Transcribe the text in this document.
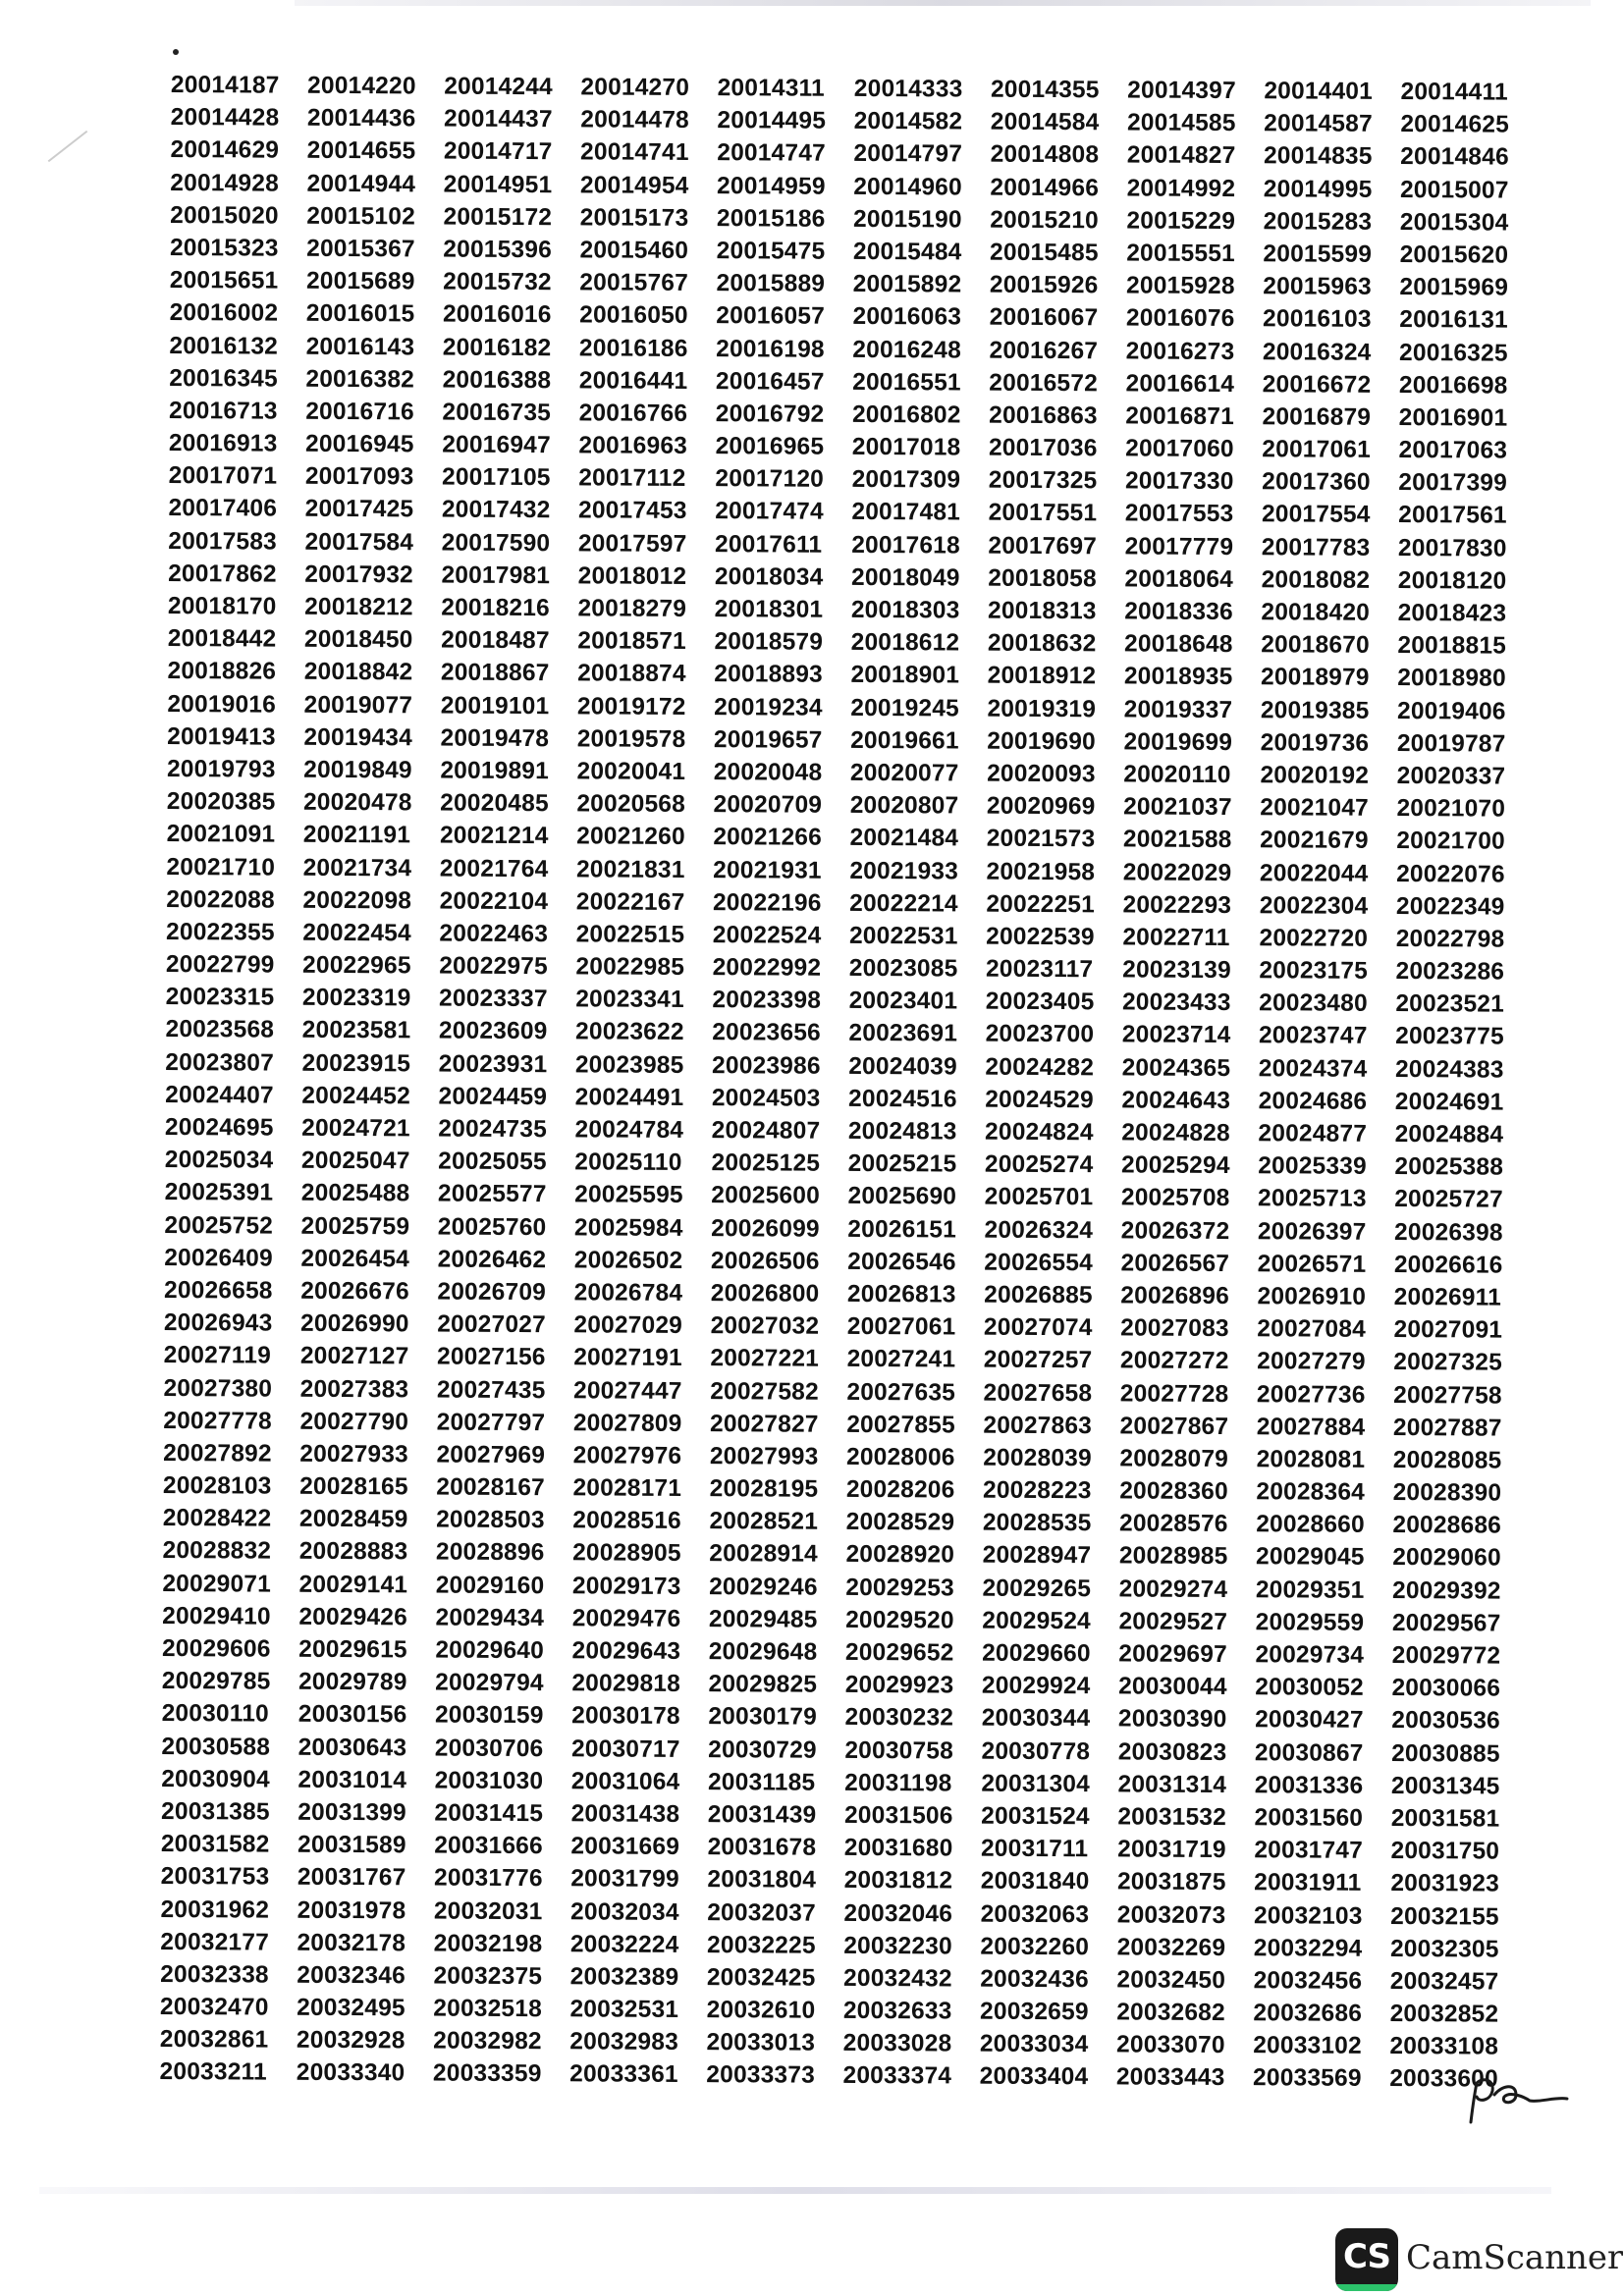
20014187	20014220	20014244	20014270	20014311	20014333	20014355	20014397	20014401	20014411
20014428	20014436	20014437	20014478	20014495	20014582	20014584	20014585	20014587	20014625
20014629	20014655	20014717	20014741	20014747	20014797	20014808	20014827	20014835	20014846
20014928	20014944	20014951	20014954	20014959	20014960	20014966	20014992	20014995	20015007
20015020	20015102	20015172	20015173	20015186	20015190	20015210	20015229	20015283	20015304
20015323	20015367	20015396	20015460	20015475	20015484	20015485	20015551	20015599	20015620
20015651	20015689	20015732	20015767	20015889	20015892	20015926	20015928	20015963	20015969
20016002	20016015	20016016	20016050	20016057	20016063	20016067	20016076	20016103	20016131
20016132	20016143	20016182	20016186	20016198	20016248	20016267	20016273	20016324	20016325
20016345	20016382	20016388	20016441	20016457	20016551	20016572	20016614	20016672	20016698
20016713	20016716	20016735	20016766	20016792	20016802	20016863	20016871	20016879	20016901
20016913	20016945	20016947	20016963	20016965	20017018	20017036	20017060	20017061	20017063
20017071	20017093	20017105	20017112	20017120	20017309	20017325	20017330	20017360	20017399
20017406	20017425	20017432	20017453	20017474	20017481	20017551	20017553	20017554	20017561
20017583	20017584	20017590	20017597	20017611	20017618	20017697	20017779	20017783	20017830
20017862	20017932	20017981	20018012	20018034	20018049	20018058	20018064	20018082	20018120
20018170	20018212	20018216	20018279	20018301	20018303	20018313	20018336	20018420	20018423
20018442	20018450	20018487	20018571	20018579	20018612	20018632	20018648	20018670	20018815
20018826	20018842	20018867	20018874	20018893	20018901	20018912	20018935	20018979	20018980
20019016	20019077	20019101	20019172	20019234	20019245	20019319	20019337	20019385	20019406
20019413	20019434	20019478	20019578	20019657	20019661	20019690	20019699	20019736	20019787
20019793	20019849	20019891	20020041	20020048	20020077	20020093	20020110	20020192	20020337
20020385	20020478	20020485	20020568	20020709	20020807	20020969	20021037	20021047	20021070
20021091	20021191	20021214	20021260	20021266	20021484	20021573	20021588	20021679	20021700
20021710	20021734	20021764	20021831	20021931	20021933	20021958	20022029	20022044	20022076
20022088	20022098	20022104	20022167	20022196	20022214	20022251	20022293	20022304	20022349
20022355	20022454	20022463	20022515	20022524	20022531	20022539	20022711	20022720	20022798
20022799	20022965	20022975	20022985	20022992	20023085	20023117	20023139	20023175	20023286
20023315	20023319	20023337	20023341	20023398	20023401	20023405	20023433	20023480	20023521
20023568	20023581	20023609	20023622	20023656	20023691	20023700	20023714	20023747	20023775
20023807	20023915	20023931	20023985	20023986	20024039	20024282	20024365	20024374	20024383
20024407	20024452	20024459	20024491	20024503	20024516	20024529	20024643	20024686	20024691
20024695	20024721	20024735	20024784	20024807	20024813	20024824	20024828	20024877	20024884
20025034	20025047	20025055	20025110	20025125	20025215	20025274	20025294	20025339	20025388
20025391	20025488	20025577	20025595	20025600	20025690	20025701	20025708	20025713	20025727
20025752	20025759	20025760	20025984	20026099	20026151	20026324	20026372	20026397	20026398
20026409	20026454	20026462	20026502	20026506	20026546	20026554	20026567	20026571	20026616
20026658	20026676	20026709	20026784	20026800	20026813	20026885	20026896	20026910	20026911
20026943	20026990	20027027	20027029	20027032	20027061	20027074	20027083	20027084	20027091
20027119	20027127	20027156	20027191	20027221	20027241	20027257	20027272	20027279	20027325
20027380	20027383	20027435	20027447	20027582	20027635	20027658	20027728	20027736	20027758
20027778	20027790	20027797	20027809	20027827	20027855	20027863	20027867	20027884	20027887
20027892	20027933	20027969	20027976	20027993	20028006	20028039	20028079	20028081	20028085
20028103	20028165	20028167	20028171	20028195	20028206	20028223	20028360	20028364	20028390
20028422	20028459	20028503	20028516	20028521	20028529	20028535	20028576	20028660	20028686
20028832	20028883	20028896	20028905	20028914	20028920	20028947	20028985	20029045	20029060
20029071	20029141	20029160	20029173	20029246	20029253	20029265	20029274	20029351	20029392
20029410	20029426	20029434	20029476	20029485	20029520	20029524	20029527	20029559	20029567
20029606	20029615	20029640	20029643	20029648	20029652	20029660	20029697	20029734	20029772
20029785	20029789	20029794	20029818	20029825	20029923	20029924	20030044	20030052	20030066
20030110	20030156	20030159	20030178	20030179	20030232	20030344	20030390	20030427	20030536
20030588	20030643	20030706	20030717	20030729	20030758	20030778	20030823	20030867	20030885
20030904	20031014	20031030	20031064	20031185	20031198	20031304	20031314	20031336	20031345
20031385	20031399	20031415	20031438	20031439	20031506	20031524	20031532	20031560	20031581
20031582	20031589	20031666	20031669	20031678	20031680	20031711	20031719	20031747	20031750
20031753	20031767	20031776	20031799	20031804	20031812	20031840	20031875	20031911	20031923
20031962	20031978	20032031	20032034	20032037	20032046	20032063	20032073	20032103	20032155
20032177	20032178	20032198	20032224	20032225	20032230	20032260	20032269	20032294	20032305
20032338	20032346	20032375	20032389	20032425	20032432	20032436	20032450	20032456	20032457
20032470	20032495	20032518	20032531	20032610	20032633	20032659	20032682	20032686	20032852
20032861	20032928	20032982	20032983	20033013	20033028	20033034	20033070	20033102	20033108
20033211	20033340	20033359	20033361	20033373	20033374	20033404	20033443	20033569	20033600
CS CamScanner
